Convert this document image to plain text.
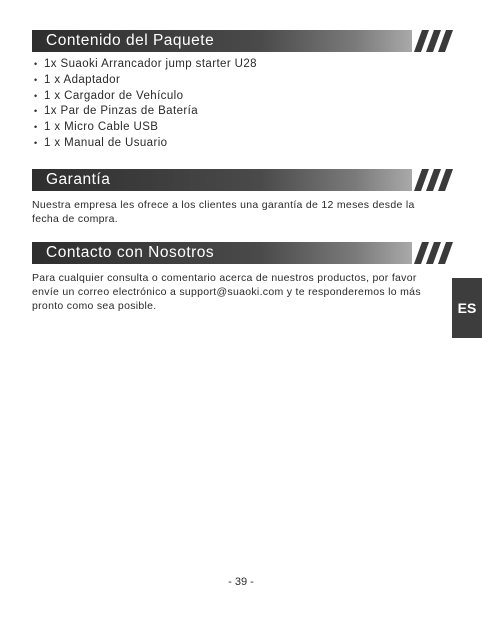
Contenido del Paquete
• 1x Suaoki Arrancador jump starter U28
• 1 x Adaptador
• 1 x Cargador de Vehículo
• 1x Par de Pinzas de Batería
• 1 x Micro Cable USB
• 1 x Manual de Usuario
Garantía
Nuestra empresa les ofrece a los clientes una garantía de 12 meses desde la fecha de compra.
Contacto con Nosotros
Para cualquier consulta o comentario acerca de nuestros productos, por favor envíe un correo electrónico a support@suaoki.com y te responderemos lo más pronto como sea posible.	ES
- 39 -
